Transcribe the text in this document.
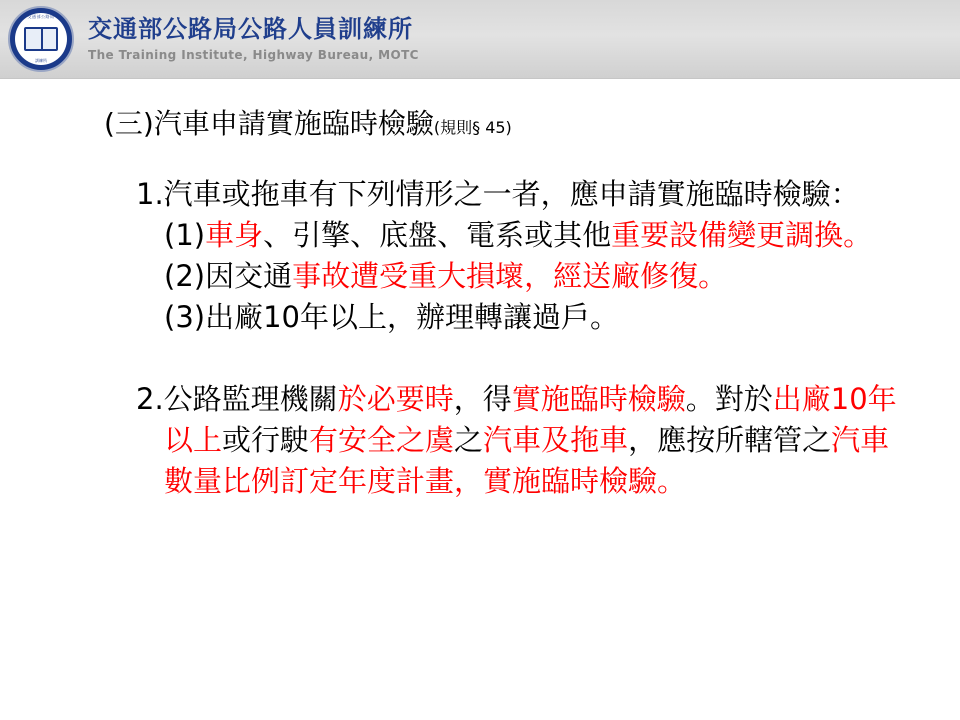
交通部公路局
訓練所
交通部公路局公路人員訓練所
The Training Institute, Highway Bureau, MOTC
(三)汽車申請實施臨時檢驗(規則§ 45)
1.汽車或拖車有下列情形之一者，應申請實施臨時檢驗：
(1)車身、引擎、底盤、電系或其他重要設備變更調換。
(2)因交通事故遭受重大損壞，經送廠修復。
(3)出廠10年以上，辦理轉讓過戶。
2.公路監理機關於必要時，得實施臨時檢驗。對於出廠10年以上或行駛有安全之虞之汽車及拖車，應按所轄管之汽車數量比例訂定年度計畫，實施臨時檢驗。
